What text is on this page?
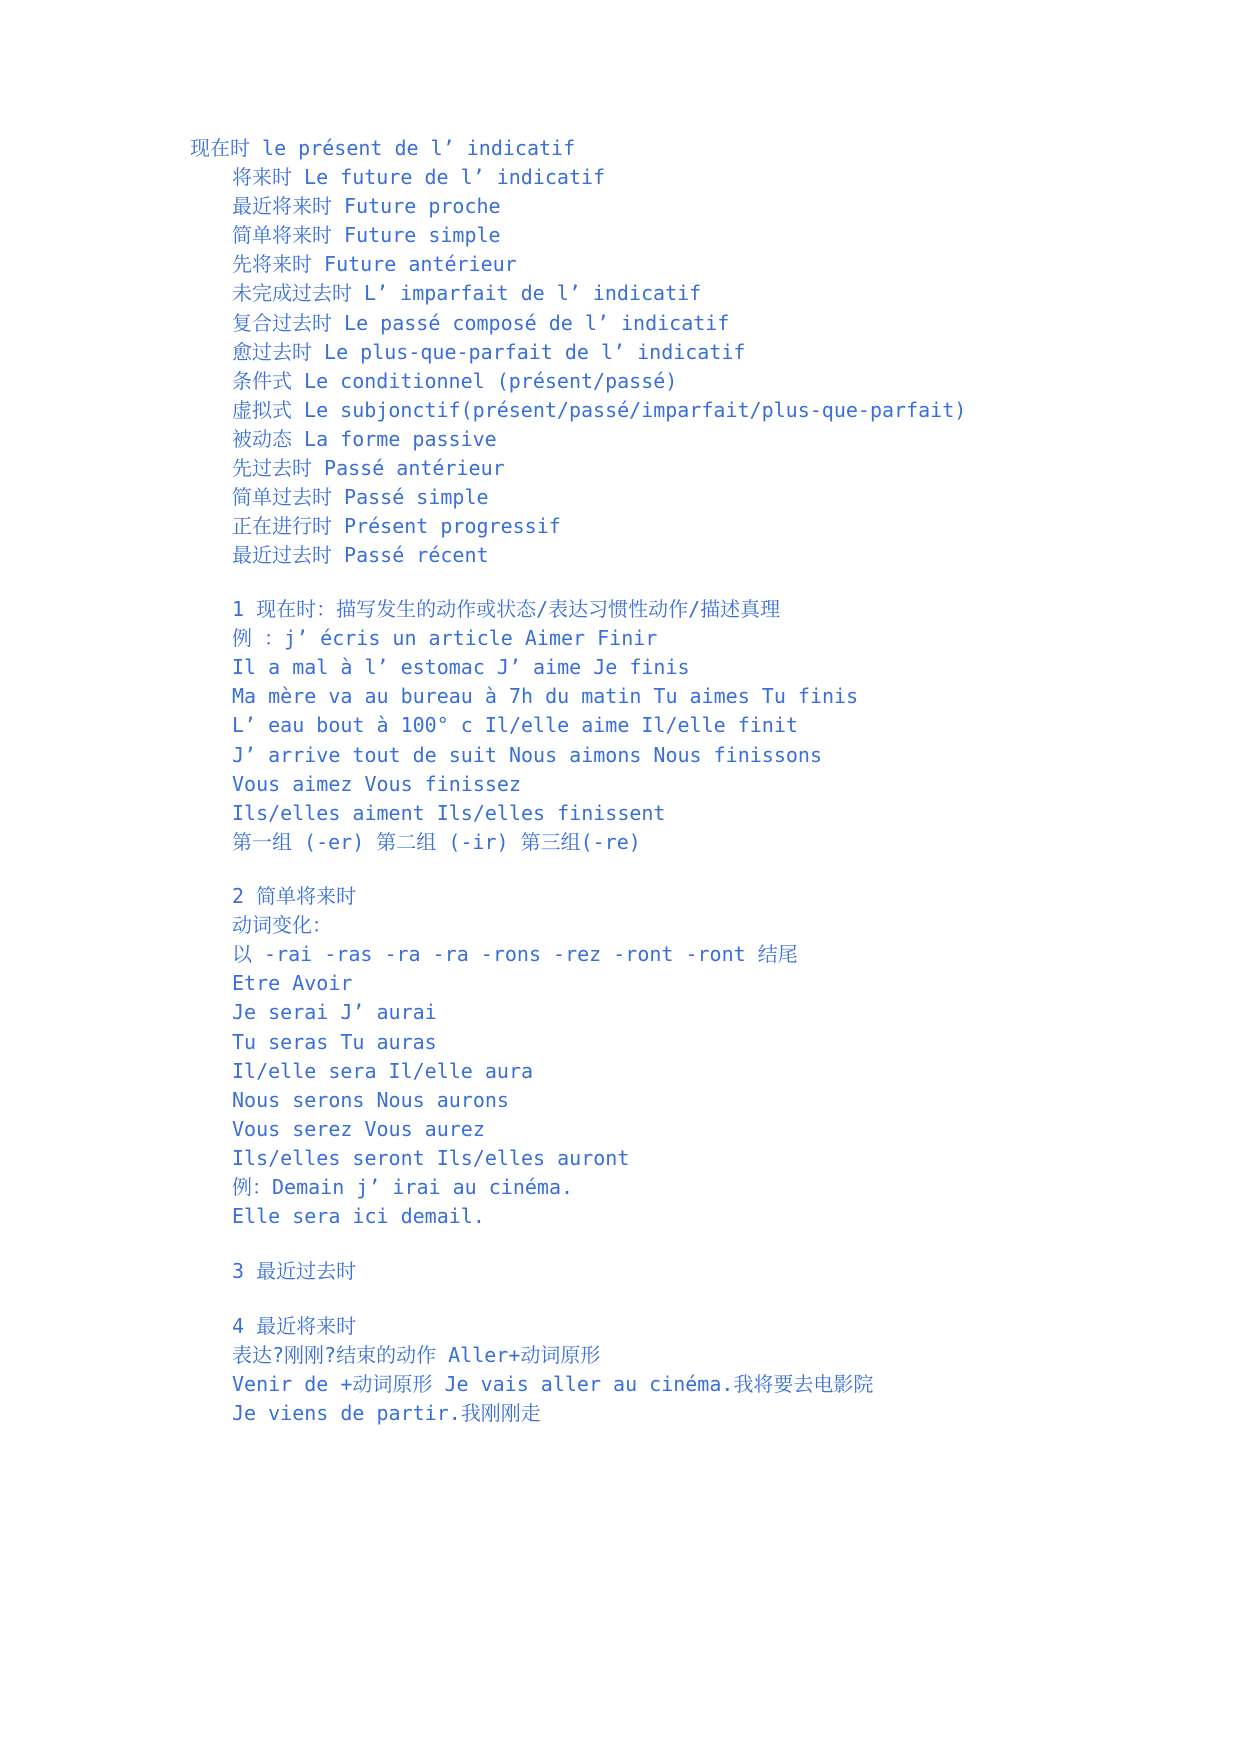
现在时 le présent de l’ indicatif
将来时 Le future de l’ indicatif
最近将来时 Future proche
简单将来时 Future simple
先将来时 Future antérieur
未完成过去时 L’ imparfait de l’ indicatif
复合过去时 Le passé composé de l’ indicatif
愈过去时 Le plus-que-parfait de l’ indicatif
条件式 Le conditionnel (présent/passé)
虚拟式 Le subjonctif(présent/passé/imparfait/plus-que-parfait)
被动态 La forme passive
先过去时 Passé antérieur
简单过去时 Passé simple
正在进行时 Présent progressif
最近过去时 Passé récent
1 现在时：描写发生的动作或状态/表达习惯性动作/描述真理
例 ：j’ écris un article Aimer Finir
Il a mal à l’ estomac J’ aime Je finis
Ma mère va au bureau à 7h du matin Tu aimes Tu finis
L’ eau bout à 100° c Il/elle aime Il/elle finit
J’ arrive tout de suit Nous aimons Nous finissons
Vous aimez Vous finissez
Ils/elles aiment Ils/elles finissent
第一组 (-er) 第二组 (-ir) 第三组(-re)
2 简单将来时
动词变化：
以 -rai -ras -ra -ra -rons -rez -ront -ront 结尾
Etre Avoir
Je serai J’ aurai
Tu seras Tu auras
Il/elle sera Il/elle aura
Nous serons Nous aurons
Vous serez Vous aurez
Ils/elles seront Ils/elles auront
例：Demain j’ irai au cinéma.
Elle sera ici demail.
3 最近过去时
4 最近将来时
表达?刚刚?结束的动作 Aller+动词原形
Venir de +动词原形 Je vais aller au cinéma.我将要去电影院
Je viens de partir.我刚刚走
